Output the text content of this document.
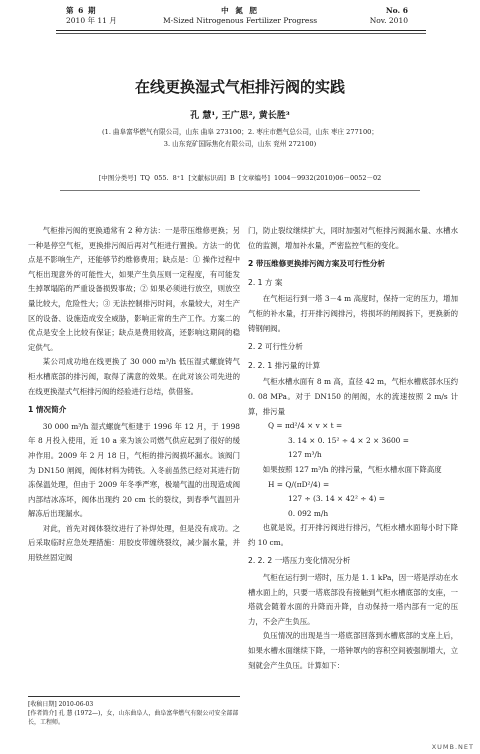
第 6 期
2010 年 11 月
中 氮 肥
M-Sized Nitrogenous Fertilizer Progress
No. 6
Nov. 2010
在线更换湿式气柜排污阀的实践
孔 慧¹, 王广思², 黄长胜³
(1. 曲阜富华燃气有限公司，山东 曲阜 273100；2. 枣庄市燃气总公司，山东 枣庄 277100；
3. 山东兖矿国际焦化有限公司，山东 兖州 272100)
[中图分类号] TQ 055. 8⁺1 [文献标识码] B [文章编号] 1004－9932(2010)06－0052－02

气柜排污阀的更换通常有 2 种方法：一是带压维修更换；另一种是停空气柜，更换排污阀后再对气柜进行置换。方法一的优点是不影响生产，还能够节约维修费用；缺点是：① 操作过程中气柜出现意外的可能性大，如果产生负压则一定程度，有可能发生掉罩塌陷的严重设备损毁事故；② 如果必须进行放空，则放空量比较大，危险性大；③ 无法控制排污时间，水量较大，对生产区的设备、设施造成安全威胁，影响正常的生产工作。方案二的优点是安全上比较有保证；缺点是费用较高，还影响这期间的稳定供气。

某公司成功地在线更换了 30 000 m³/h 低压湿式螺旋铸气柜水槽底部的排污阀，取得了满意的效果。在此对该公司先进的在线更换湿式气柜排污阀的经验进行总结，供借鉴。

1 情况简介

30 000 m³/h 湿式螺旋气柜建于 1996 年 12 月，于 1998 年 8 月投入使用，近 10 a 来为该公司燃气供应起到了很好的缓冲作用。2009 年 2 月 18 日，气柜的排污阀损坏漏水。该阀门为 DN150 闸阀，阀体材料为铸铁。入冬前虽然已经对其进行防冻保温处理，但由于 2009 年冬季严寒，极端气温的出现造成阀内部结冰冻坏，阀体出现约 20 cm 长的裂纹，到春季气温回升解冻后出现漏水。

对此，首先对阀体裂纹进行了补焊处理，但是没有成功。之后采取临时应急处理措施：用胶皮带缠绕裂纹，减少漏水量，并用铁丝固定阀

门，防止裂纹继续扩大，同时加强对气柜排污阀漏水量、水槽水位的监测，增加补水量，严密监控气柜的变化。

2 带压维修更换排污阀方案及可行性分析
2. 1 方 案

在气柜运行到一塔 3－4 m 高度时，保持一定的压力，增加气柜的补水量，打开排污阀排污，将损坏的闸阀拆下，更换新的铸钢闸阀。

2. 2 可行性分析
2. 2. 1 排污量的计算

气柜水槽水面有 8 m 高，直径 42 m，气柜水槽底部水压约 0. 08 MPa。对于 DN150 的闸阀，水的流速按照 2 m/s 计算，排污量

Q = πd²/4 × v × t =

3. 14 × 0. 15² ÷ 4 × 2 × 3600 =

127 m³/h

如果按照 127 m³/h 的排污量，气柜水槽水面下降高度

H = Q/(πD²/4) =

127 ÷ (3. 14 × 42² ÷ 4) =

0. 092 m/h

也就是说，打开排污阀进行排污，气柜水槽水面每小时下降约 10 cm。

2. 2. 2 一塔压力变化情况分析

气柜在运行到一塔时，压力是 1. 1 kPa，因一塔是浮动在水槽水面上的，只要一塔底部没有接触到气柜水槽底部的支座，一塔就会随着水面的升降而升降，自动保持一塔内部有一定的压力，不会产生负压。

负压情况的出现是当一塔底部回落到水槽底部的支座上后，如果水槽水面继续下降，一塔钟罩内的容积空间被强制增大，立刻就会产生负压。计算如下：

[收稿日期] 2010-06-03
[作者简介] 孔 慧 (1972—)，女，山东曲阜人，曲阜富华燃气有限公司安全部部长，工程师。
XUMB.NET
